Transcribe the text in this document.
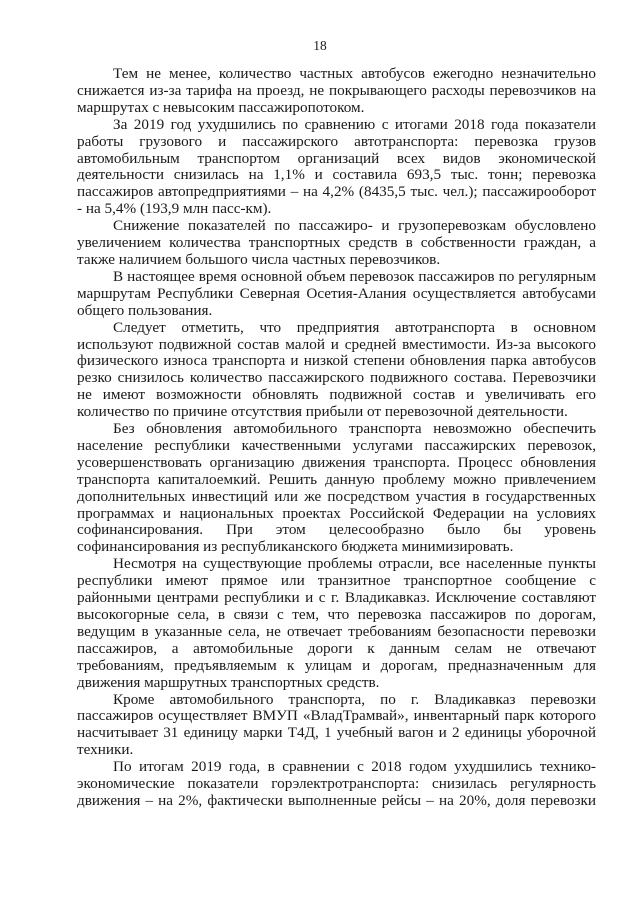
18

Тем не менее, количество частных автобусов ежегодно незначительно снижается из-за тарифа на проезд, не покрывающего расходы перевозчиков на маршрутах с невысоким пассажиропотоком.

За 2019 год ухудшились по сравнению с итогами 2018 года показатели работы грузового и пассажирского автотранспорта: перевозка грузов автомобильным транспортом организаций всех видов экономической деятельности снизилась на 1,1% и составила 693,5 тыс. тонн; перевозка пассажиров автопредприятиями – на 4,2% (8435,5 тыс. чел.); пассажирооборот - на 5,4% (193,9 млн пасс-км).

Снижение показателей по пассажиро- и грузоперевозкам обусловлено увеличением количества транспортных средств в собственности граждан, а также наличием большого числа частных перевозчиков.

В настоящее время основной объем перевозок пассажиров по регулярным маршрутам Республики Северная Осетия-Алания осуществляется автобусами общего пользования.

Следует отметить, что предприятия автотранспорта в основном используют подвижной состав малой и средней вместимости. Из-за высокого физического износа транспорта и низкой степени обновления парка автобусов резко снизилось количество пассажирского подвижного состава. Перевозчики не имеют возможности обновлять подвижной состав и увеличивать его количество по причине отсутствия прибыли от перевозочной деятельности.

Без обновления автомобильного транспорта невозможно обеспечить население республики качественными услугами пассажирских перевозок, усовершенствовать организацию движения транспорта. Процесс обновления транспорта капиталоемкий. Решить данную проблему можно привлечением дополнительных инвестиций или же посредством участия в государственных программах и национальных проектах Российской Федерации на условиях софинансирования. При этом целесообразно было бы уровень софинансирования из республиканского бюджета минимизировать.

Несмотря на существующие проблемы отрасли, все населенные пункты республики имеют прямое или транзитное транспортное сообщение с районными центрами республики и с г. Владикавказ. Исключение составляют высокогорные села, в связи с тем, что перевозка пассажиров по дорогам, ведущим в указанные села, не отвечает требованиям безопасности перевозки пассажиров, а автомобильные дороги к данным селам не отвечают требованиям, предъявляемым к улицам и дорогам, предназначенным для движения маршрутных транспортных средств.

Кроме автомобильного транспорта, по г. Владикавказ перевозки пассажиров осуществляет ВМУП «ВладТрамвай», инвентарный парк которого насчитывает 31 единицу марки Т4Д, 1 учебный вагон и 2 единицы уборочной техники.

По итогам 2019 года, в сравнении с 2018 годом ухудшились технико-экономические показатели горэлектротранспорта: снизилась регулярность движения – на 2%, фактически выполненные рейсы – на 20%, доля перевозки
